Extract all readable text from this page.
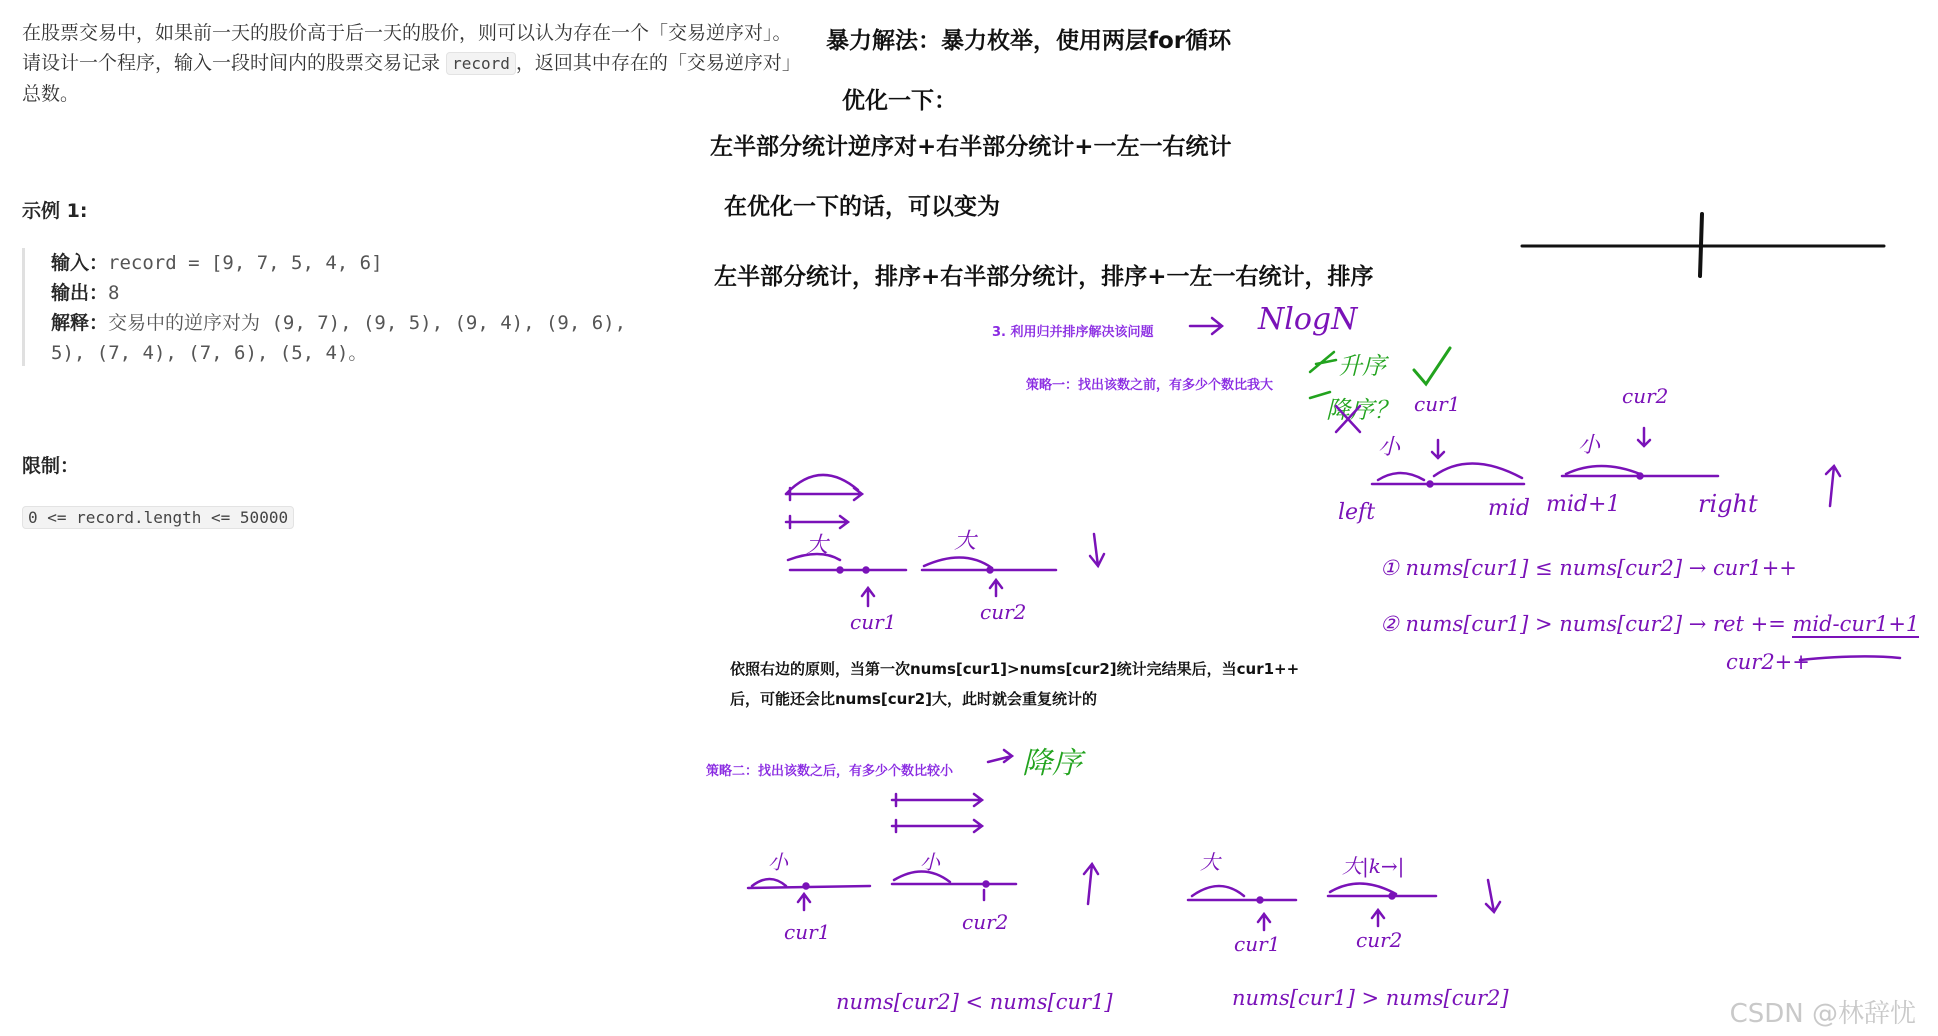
在股票交易中，如果前一天的股价高于后一天的股价，则可以认为存在一个「交易逆序对」。请设计一个程序，输入一段时间内的股票交易记录 record ，返回其中存在的「交易逆序对」总数。
示例 1:
输入：record = [9, 7, 5, 4, 6]
输出：8
解释：交易中的逆序对为 (9, 7), (9, 5), (9, 4), (9, 6),
5), (7, 4), (7, 6), (5, 4)。
限制：
0 <= record.length <= 50000
暴力解法：暴力枚举，使用两层for循环
优化一下：
左半部分统计逆序对+右半部分统计+一左一右统计
在优化一下的话，可以变为
左半部分统计，排序+右半部分统计，排序+一左一右统计，排序
3. 利用归并排序解决该问题	NlogN
策略一：找出该数之前，有多少个数比我大
升序
降序？
依照右边的原则，当第一次nums[cur1]>nums[cur2]统计完结果后，当cur1++
后，可能还会比nums[cur2]大，此时就会重复统计的
策略二：找出该数之后，有多少个数比较小 降序
大	大
cur1	cur2
小
cur1
小
cur2
left	mid mid+1	right
① nums[cur1] ≤ nums[cur2] → cur1++
② nums[cur1] > nums[cur2] → ret += mid-cur1+1
cur2++
小	小
cur1	cur2
大	大|k→|
cur1	cur2
nums[cur2] < nums[cur1]	nums[cur1] > nums[cur2]
CSDN @林辞忧
